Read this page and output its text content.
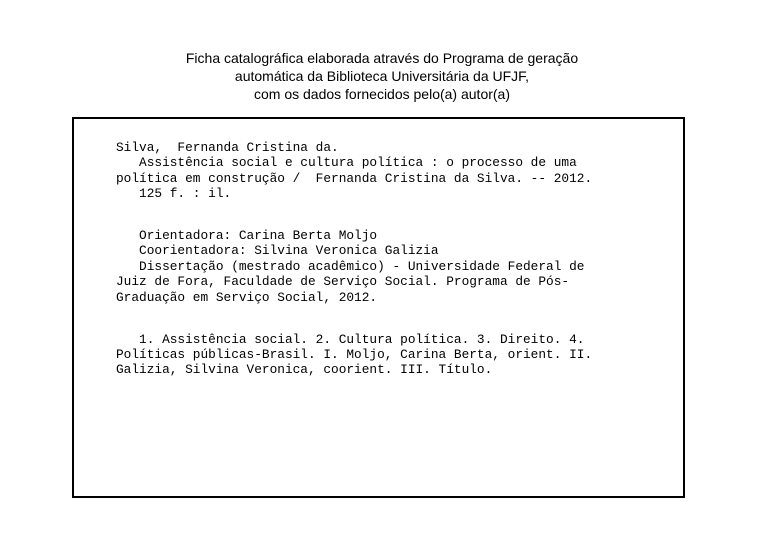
Ficha catalográfica elaborada através do Programa de geração
automática da Biblioteca Universitária da UFJF,
com os dados fornecidos pelo(a) autor(a)
Silva,  Fernanda Cristina da.
Assistência social e cultura política : o processo de uma
política em construção /  Fernanda Cristina da Silva. -- 2012.
125 f. : il.
Orientadora: Carina Berta Moljo
Coorientadora: Silvina Veronica Galizia
Dissertação (mestrado acadêmico) - Universidade Federal de
Juiz de Fora, Faculdade de Serviço Social. Programa de Pós-
Graduação em Serviço Social, 2012.
1. Assistência social. 2. Cultura política. 3. Direito. 4.
Políticas públicas-Brasil. I. Moljo, Carina Berta, orient. II.
Galizia, Silvina Veronica, coorient. III. Título.
